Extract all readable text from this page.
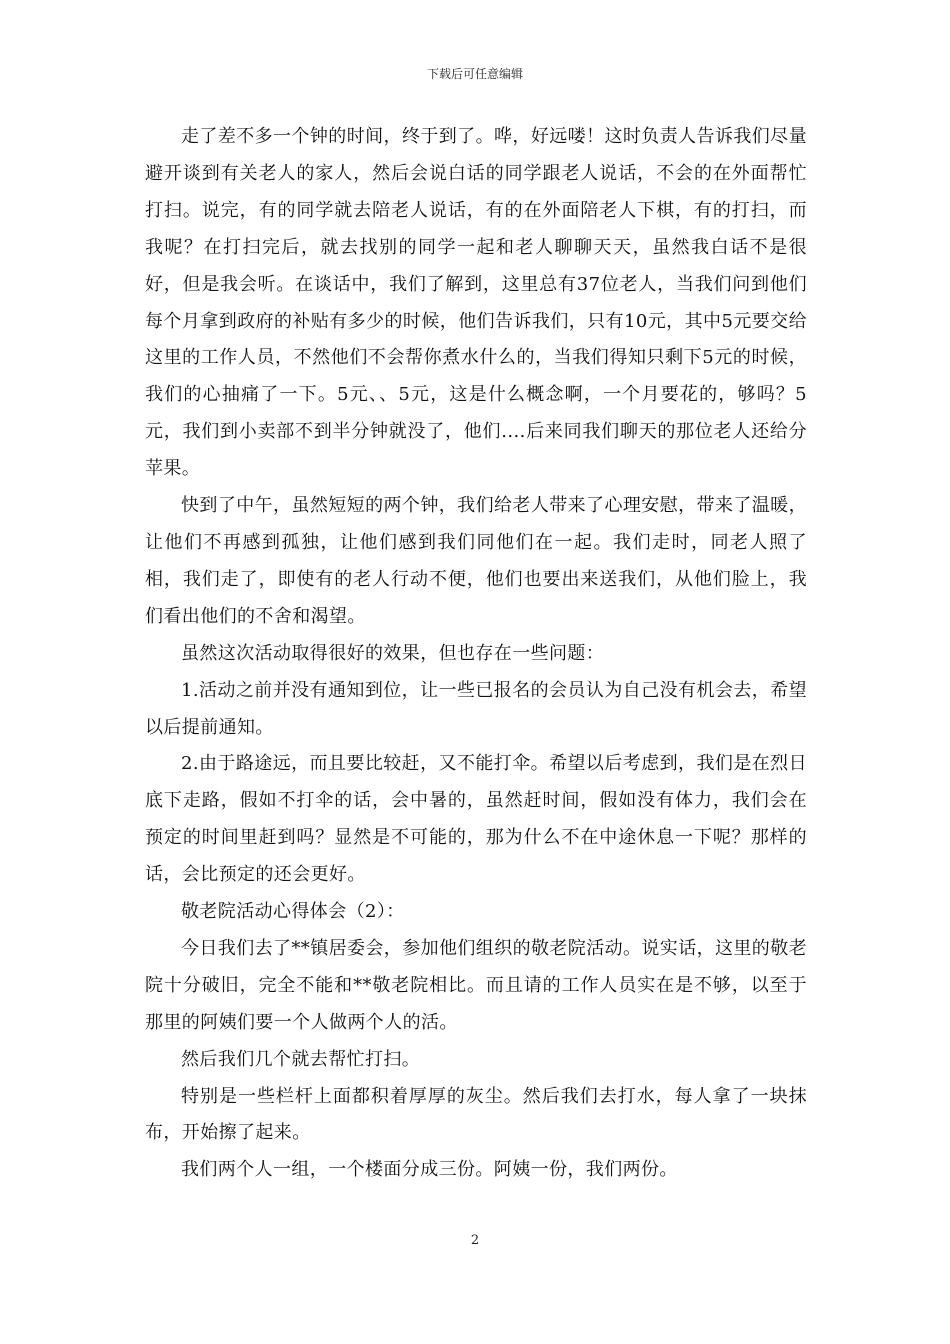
下载后可任意编辑

走了差不多一个钟的时间，终于到了。哗，好远喽！这时负责人告诉我们尽量避开谈到有关老人的家人，然后会说白话的同学跟老人说话，不会的在外面帮忙打扫。说完，有的同学就去陪老人说话，有的在外面陪老人下棋，有的打扫，而我呢？在打扫完后，就去找别的同学一起和老人聊聊天天，虽然我白话不是很好，但是我会听。在谈话中，我们了解到，这里总有37位老人，当我们问到他们每个月拿到政府的补贴有多少的时候，他们告诉我们，只有10元，其中5元要交给这里的工作人员，不然他们不会帮你煮水什么的，当我们得知只剩下5元的时候，我们的心抽痛了一下。5元、、5元，这是什么概念啊，一个月要花的，够吗？5元，我们到小卖部不到半分钟就没了，他们....后来同我们聊天的那位老人还给分苹果。

快到了中午，虽然短短的两个钟，我们给老人带来了心理安慰，带来了温暖，让他们不再感到孤独，让他们感到我们同他们在一起。我们走时，同老人照了相，我们走了，即使有的老人行动不便，他们也要出来送我们，从他们脸上，我们看出他们的不舍和渴望。

虽然这次活动取得很好的效果，但也存在一些问题：

1.活动之前并没有通知到位，让一些已报名的会员认为自己没有机会去，希望以后提前通知。

2.由于路途远，而且要比较赶，又不能打伞。希望以后考虑到，我们是在烈日底下走路，假如不打伞的话，会中暑的，虽然赶时间，假如没有体力，我们会在预定的时间里赶到吗？显然是不可能的，那为什么不在中途休息一下呢？那样的话，会比预定的还会更好。

敬老院活动心得体会（2）：

今日我们去了**镇居委会，参加他们组织的敬老院活动。说实话，这里的敬老院十分破旧，完全不能和**敬老院相比。而且请的工作人员实在是不够，以至于那里的阿姨们要一个人做两个人的活。

然后我们几个就去帮忙打扫。

特别是一些栏杆上面都积着厚厚的灰尘。然后我们去打水，每人拿了一块抹布，开始擦了起来。

我们两个人一组，一个楼面分成三份。阿姨一份，我们两份。

2
